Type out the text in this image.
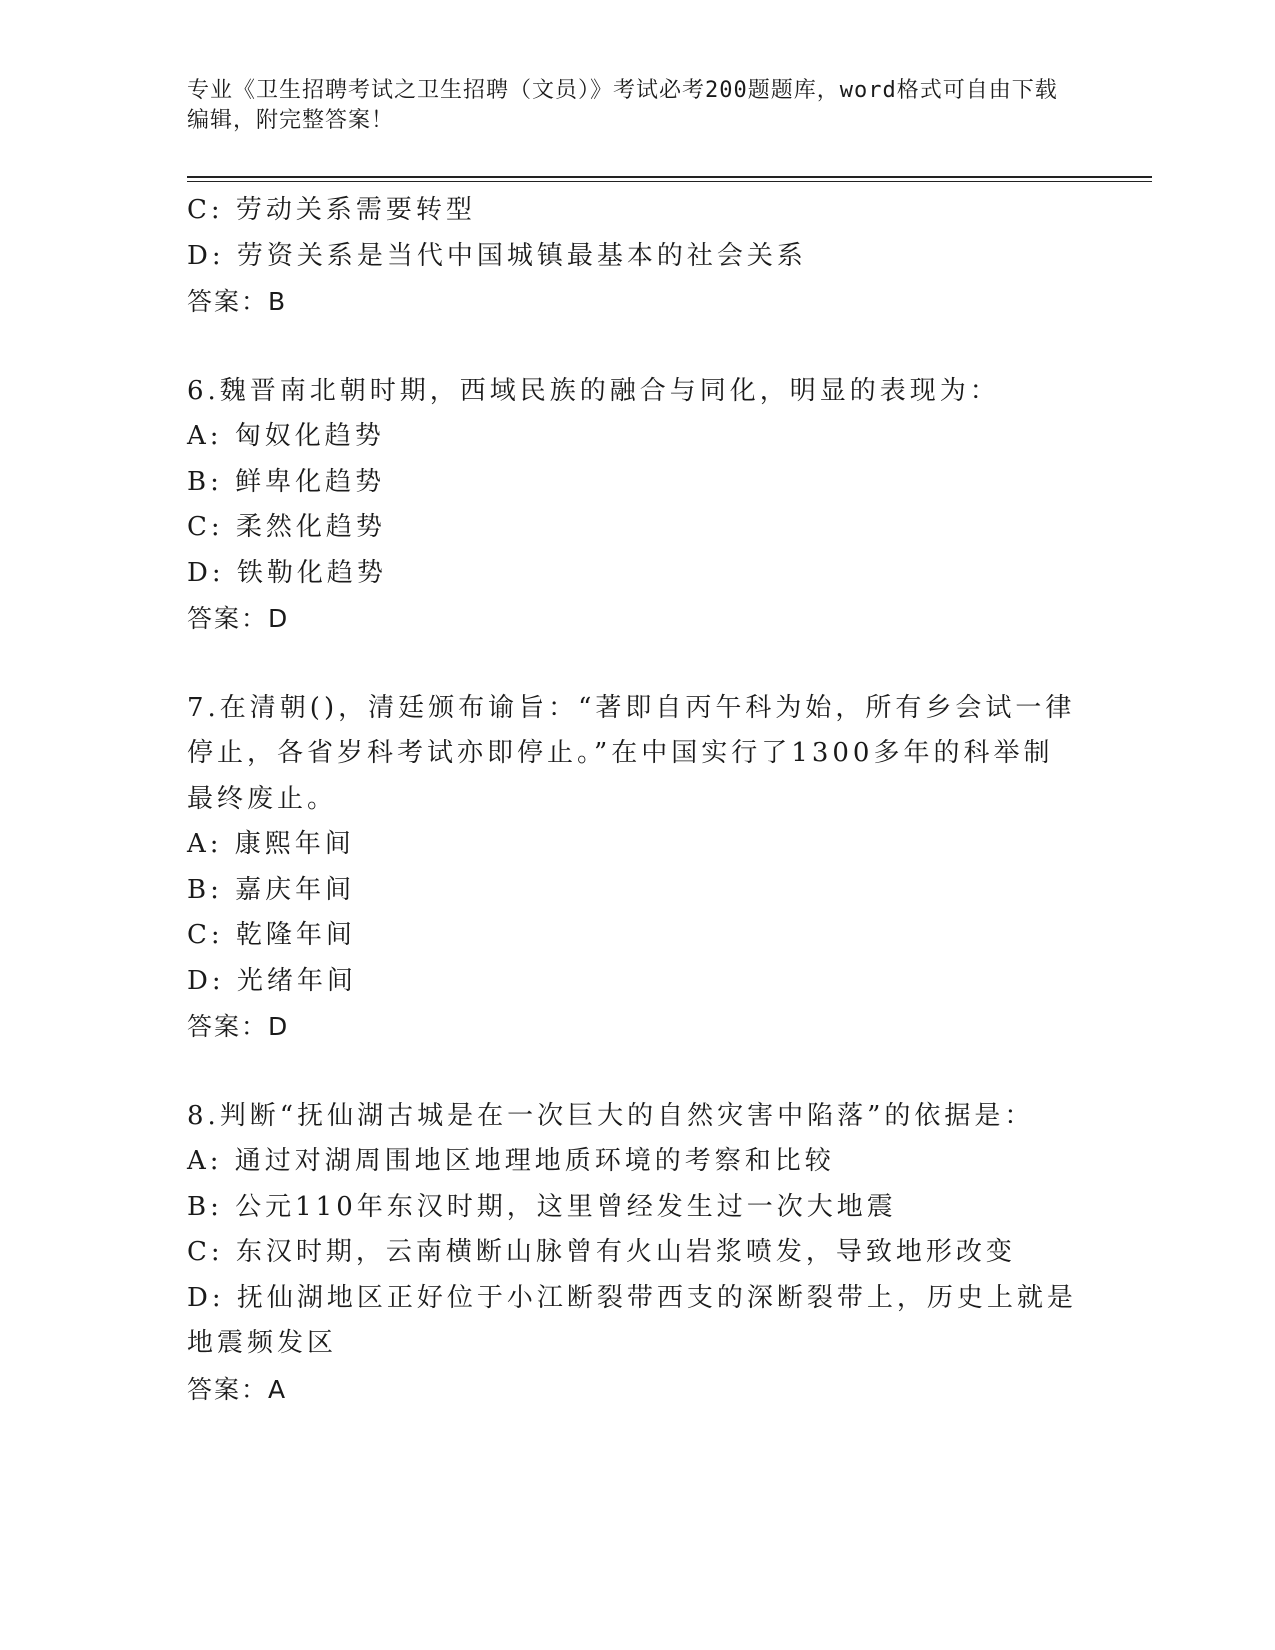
专业《卫生招聘考试之卫生招聘（文员）》考试必考200题题库，word格式可自由下载编辑，附完整答案！
C: 劳动关系需要转型
D: 劳资关系是当代中国城镇最基本的社会关系
答案：B
6.魏晋南北朝时期，西域民族的融合与同化，明显的表现为：
A: 匈奴化趋势
B: 鲜卑化趋势
C: 柔然化趋势
D: 铁勒化趋势
答案：D
7.在清朝()，清廷颁布谕旨：“著即自丙午科为始，所有乡会试一律停止，各省岁科考试亦即停止。”在中国实行了1300多年的科举制最终废止。
A: 康熙年间
B: 嘉庆年间
C: 乾隆年间
D: 光绪年间
答案：D
8.判断“抚仙湖古城是在一次巨大的自然灾害中陷落”的依据是：
A: 通过对湖周围地区地理地质环境的考察和比较
B: 公元110年东汉时期，这里曾经发生过一次大地震
C: 东汉时期，云南横断山脉曾有火山岩浆喷发，导致地形改变
D: 抚仙湖地区正好位于小江断裂带西支的深断裂带上，历史上就是地震频发区
答案：A
